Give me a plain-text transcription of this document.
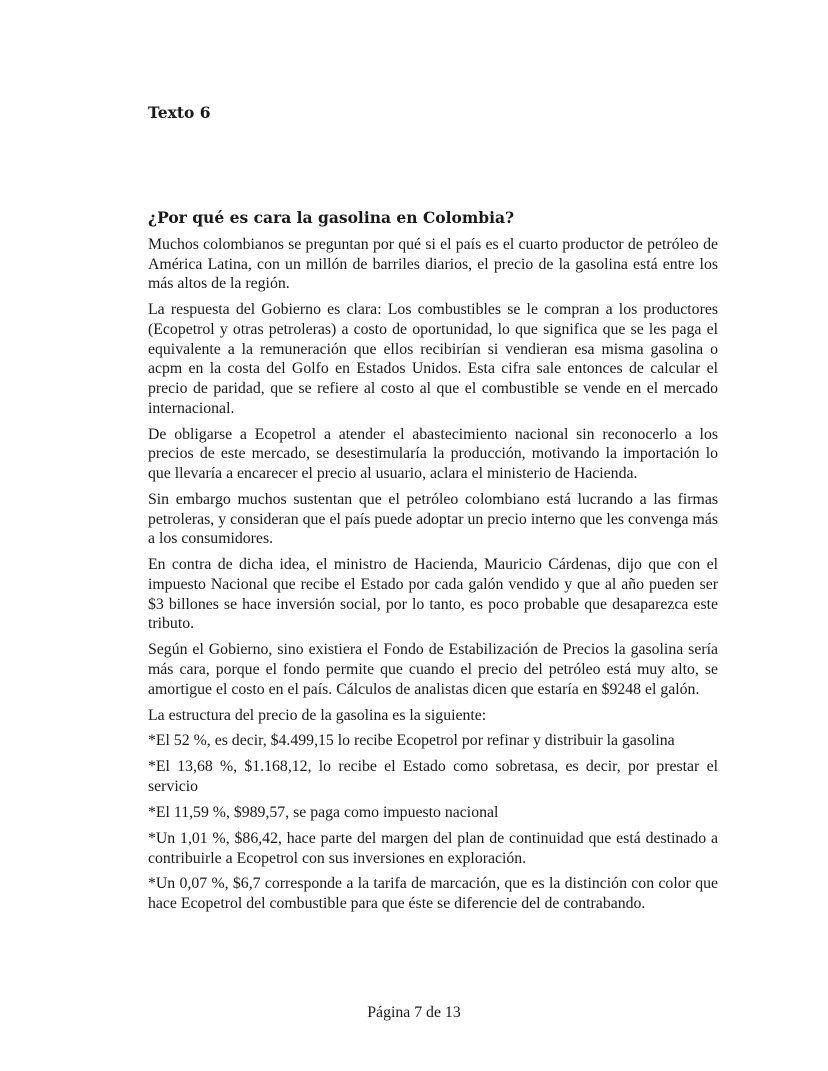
Texto 6
¿Por qué es cara la gasolina en Colombia?

Muchos colombianos se preguntan por qué si el país es el cuarto productor de petróleo de América Latina, con un millón de barriles diarios, el precio de la gasolina está entre los más altos de la región.

La respuesta del Gobierno es clara: Los combustibles se le compran a los productores (Ecopetrol y otras petroleras) a costo de oportunidad, lo que significa que se les paga el equivalente a la remuneración que ellos recibirían si vendieran esa misma gasolina o acpm en la costa del Golfo en Estados Unidos. Esta cifra sale entonces de calcular el precio de paridad, que se refiere al costo al que el combustible se vende en el mercado internacional.

De obligarse a Ecopetrol a atender el abastecimiento nacional sin reconocerlo a los precios de este mercado, se desestimularía la producción, motivando la importación lo que llevaría a encarecer el precio al usuario, aclara el ministerio de Hacienda.

Sin embargo muchos sustentan que el petróleo colombiano está lucrando a las firmas petroleras, y consideran que el país puede adoptar un precio interno que les convenga más a los consumidores.

En contra de dicha idea, el ministro de Hacienda, Mauricio Cárdenas, dijo que con el impuesto Nacional que recibe el Estado por cada galón vendido y que al año pueden ser $3 billones se hace inversión social, por lo tanto, es poco probable que desaparezca este tributo.

Según el Gobierno, sino existiera el Fondo de Estabilización de Precios la gasolina sería más cara, porque el fondo permite que cuando el precio del petróleo está muy alto, se amortigue el costo en el país. Cálculos de analistas dicen que estaría en $9248 el galón.

La estructura del precio de la gasolina es la siguiente:

*El 52 %, es decir, $4.499,15 lo recibe Ecopetrol por refinar y distribuir la gasolina

*El 13,68 %, $1.168,12, lo recibe el Estado como sobretasa, es decir, por prestar el servicio

*El 11,59 %, $989,57, se paga como impuesto nacional

*Un 1,01 %, $86,42, hace parte del margen del plan de continuidad que está destinado a contribuirle a Ecopetrol con sus inversiones en exploración.

*Un 0,07 %, $6,7 corresponde a la tarifa de marcación, que es la distinción con color que hace Ecopetrol del combustible para que éste se diferencie del de contrabando.

Página 7 de 13
